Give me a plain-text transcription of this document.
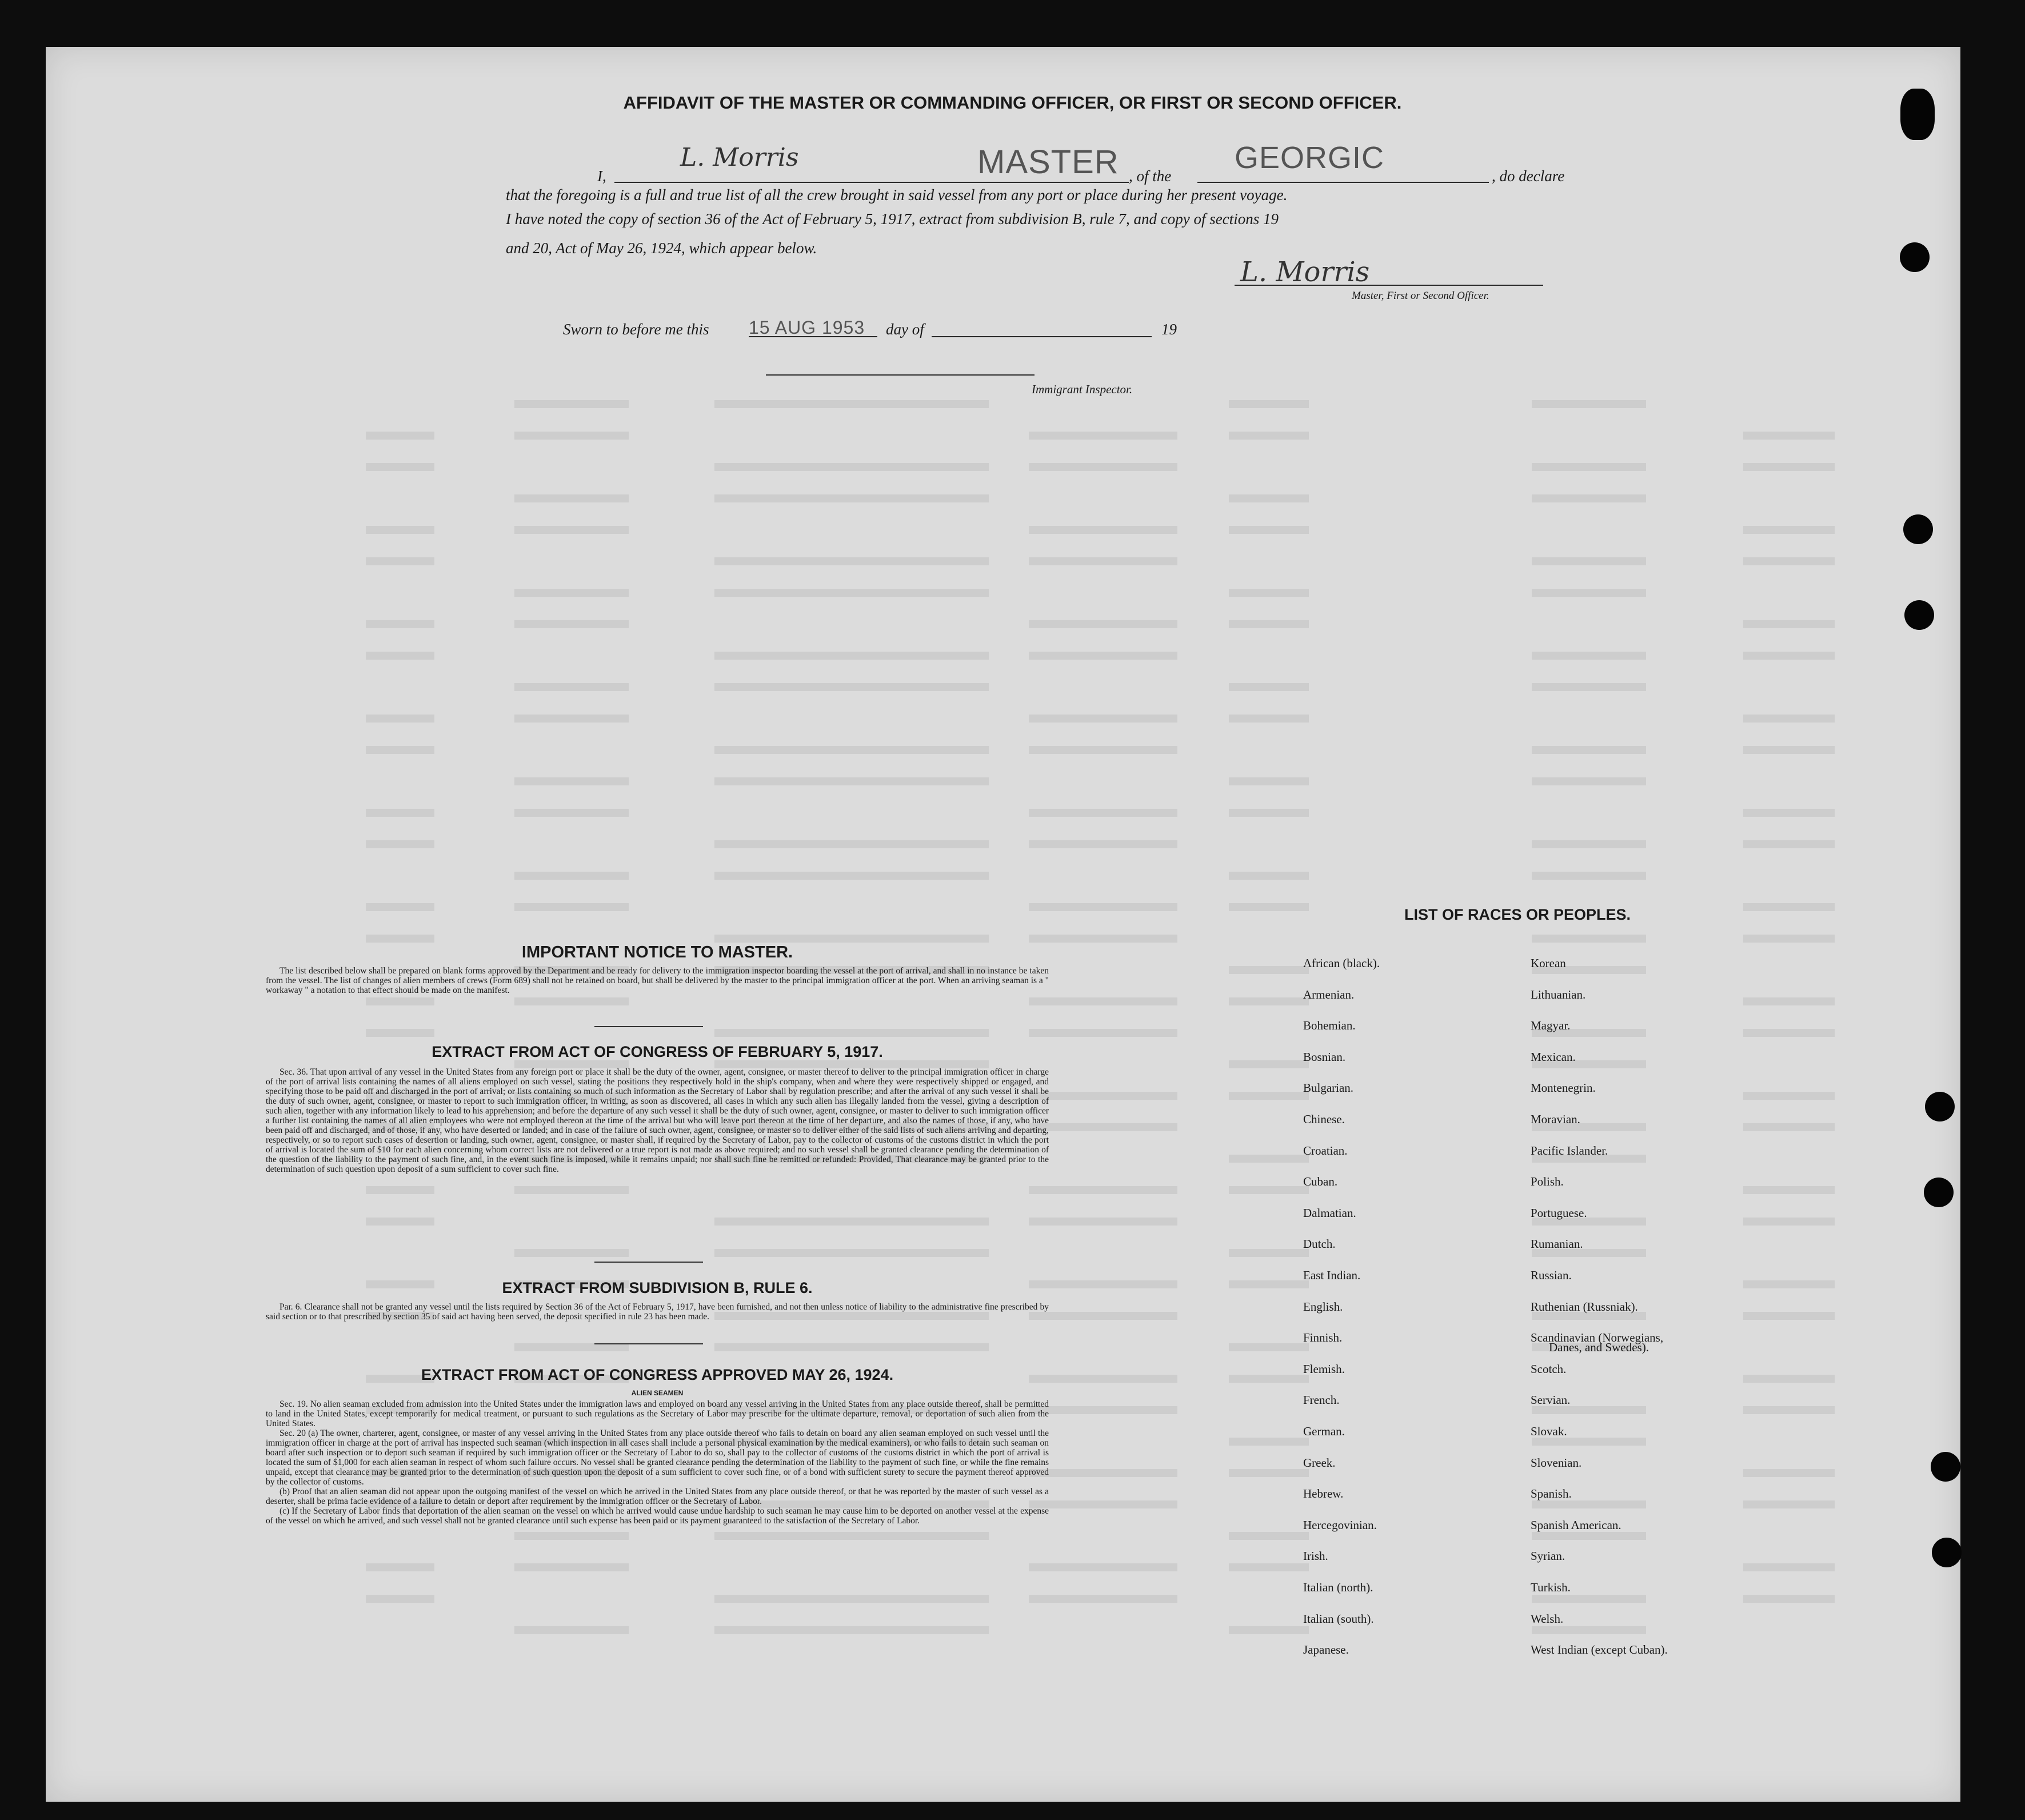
AFFIDAVIT OF THE MASTER OR COMMANDING OFFICER, OR FIRST OR SECOND OFFICER.
I,
L. Morris	MASTER , of the
GEORGIC
, do declare
that the foregoing is a full and true list of all the crew brought in said vessel from any port or place during her present voyage.
I have noted the copy of section 36 of the Act of February 5, 1917, extract from subdivision B, rule 7, and copy of sections 19
and 20, Act of May 26, 1924, which appear below.
L. Morris
Master, First or Second Officer.
Sworn to before me this 15 AUG 1953 day of	19
Immigrant Inspector.
IMPORTANT NOTICE TO MASTER.

The list described below shall be prepared on blank forms approved by the Department and be ready for delivery to the immigration inspector boarding the vessel at the port of arrival, and shall in no instance be taken from the vessel. The list of changes of alien members of crews (Form 689) shall not be retained on board, but shall be delivered by the master to the principal immigration officer at the port. When an arriving seaman is a " workaway " a notation to that effect should be made on the manifest.

EXTRACT FROM ACT OF CONGRESS OF FEBRUARY 5, 1917.

Sec. 36. That upon arrival of any vessel in the United States from any foreign port or place it shall be the duty of the owner, agent, consignee, or master thereof to deliver to the principal immigration officer in charge of the port of arrival lists containing the names of all aliens employed on such vessel, stating the positions they respectively hold in the ship's company, when and where they were respectively shipped or engaged, and specifying those to be paid off and discharged in the port of arrival; or lists containing so much of such information as the Secretary of Labor shall by regulation prescribe; and after the arrival of any such vessel it shall be the duty of such owner, agent, consignee, or master to report to such immigration officer, in writing, as soon as discovered, all cases in which any such alien has illegally landed from the vessel, giving a description of such alien, together with any information likely to lead to his apprehension; and before the departure of any such vessel it shall be the duty of such owner, agent, consignee, or master to deliver to such immigration officer a further list containing the names of all alien employees who were not employed thereon at the time of the arrival but who will leave port thereon at the time of her departure, and also the names of those, if any, who have been paid off and discharged, and of those, if any, who have deserted or landed; and in case of the failure of such owner, agent, consignee, or master so to deliver either of the said lists of such aliens arriving and departing, respectively, or so to report such cases of desertion or landing, such owner, agent, consignee, or master shall, if required by the Secretary of Labor, pay to the collector of customs of the customs district in which the port of arrival is located the sum of $10 for each alien concerning whom correct lists are not delivered or a true report is not made as above required; and no such vessel shall be granted clearance pending the determination of the question of the liability to the payment of such fine, and, in the event such fine is imposed, while it remains unpaid; nor shall such fine be remitted or refunded: Provided, That clearance may be granted prior to the determination of such question upon deposit of a sum sufficient to cover such fine.

EXTRACT FROM SUBDIVISION B, RULE 6.

Par. 6. Clearance shall not be granted any vessel until the lists required by Section 36 of the Act of February 5, 1917, have been furnished, and not then unless notice of liability to the administrative fine prescribed by said section or to that prescribed by section 35 of said act having been served, the deposit specified in rule 23 has been made.

EXTRACT FROM ACT OF CONGRESS APPROVED MAY 26, 1924.
ALIEN SEAMEN

Sec. 19. No alien seaman excluded from admission into the United States under the immigration laws and employed on board any vessel arriving in the United States from any place outside thereof, shall be permitted to land in the United States, except temporarily for medical treatment, or pursuant to such regulations as the Secretary of Labor may prescribe for the ultimate departure, removal, or deportation of such alien from the United States.

Sec. 20 (a) The owner, charterer, agent, consignee, or master of any vessel arriving in the United States from any place outside thereof who fails to detain on board any alien seaman employed on such vessel until the immigration officer in charge at the port of arrival has inspected such seaman (which inspection in all cases shall include a personal physical examination by the medical examiners), or who fails to detain such seaman on board after such inspection or to deport such seaman if required by such immigration officer or the Secretary of Labor to do so, shall pay to the collector of customs of the customs district in which the port of arrival is located the sum of $1,000 for each alien seaman in respect of whom such failure occurs. No vessel shall be granted clearance pending the determination of the liability to the payment of such fine, or while the fine remains unpaid, except that clearance may be granted prior to the determination of such question upon the deposit of a sum sufficient to cover such fine, or of a bond with sufficient surety to secure the payment thereof approved by the collector of customs.

(b) Proof that an alien seaman did not appear upon the outgoing manifest of the vessel on which he arrived in the United States from any place outside thereof, or that he was reported by the master of such vessel as a deserter, shall be prima facie evidence of a failure to detain or deport after requirement by the immigration officer or the Secretary of Labor.

(c) If the Secretary of Labor finds that deportation of the alien seaman on the vessel on which he arrived would cause undue hardship to such seaman he may cause him to be deported on another vessel at the expense of the vessel on which he arrived, and such vessel shall not be granted clearance until such expense has been paid or its payment guaranteed to the satisfaction of the Secretary of Labor.

LIST OF RACES OR PEOPLES.
African (black).
Armenian.
Bohemian.
Bosnian.
Bulgarian.
Chinese.
Croatian.
Cuban.
Dalmatian.
Dutch.
East Indian.
English.
Finnish.
Flemish.
French.
German.
Greek.
Hebrew.
Hercegovinian.
Irish.
Italian (north).
Italian (south).
Japanese.
Korean
Lithuanian.
Magyar.
Mexican.
Montenegrin.
Moravian.
Pacific Islander.
Polish.
Portuguese.
Rumanian.
Russian.
Ruthenian (Russniak).
Scandinavian (Norwegians,
Scotch.
Servian.
Slovak.
Slovenian.
Spanish.
Spanish American.
Syrian.
Turkish.
Welsh.
West Indian (except Cuban).
Danes, and Swedes).
